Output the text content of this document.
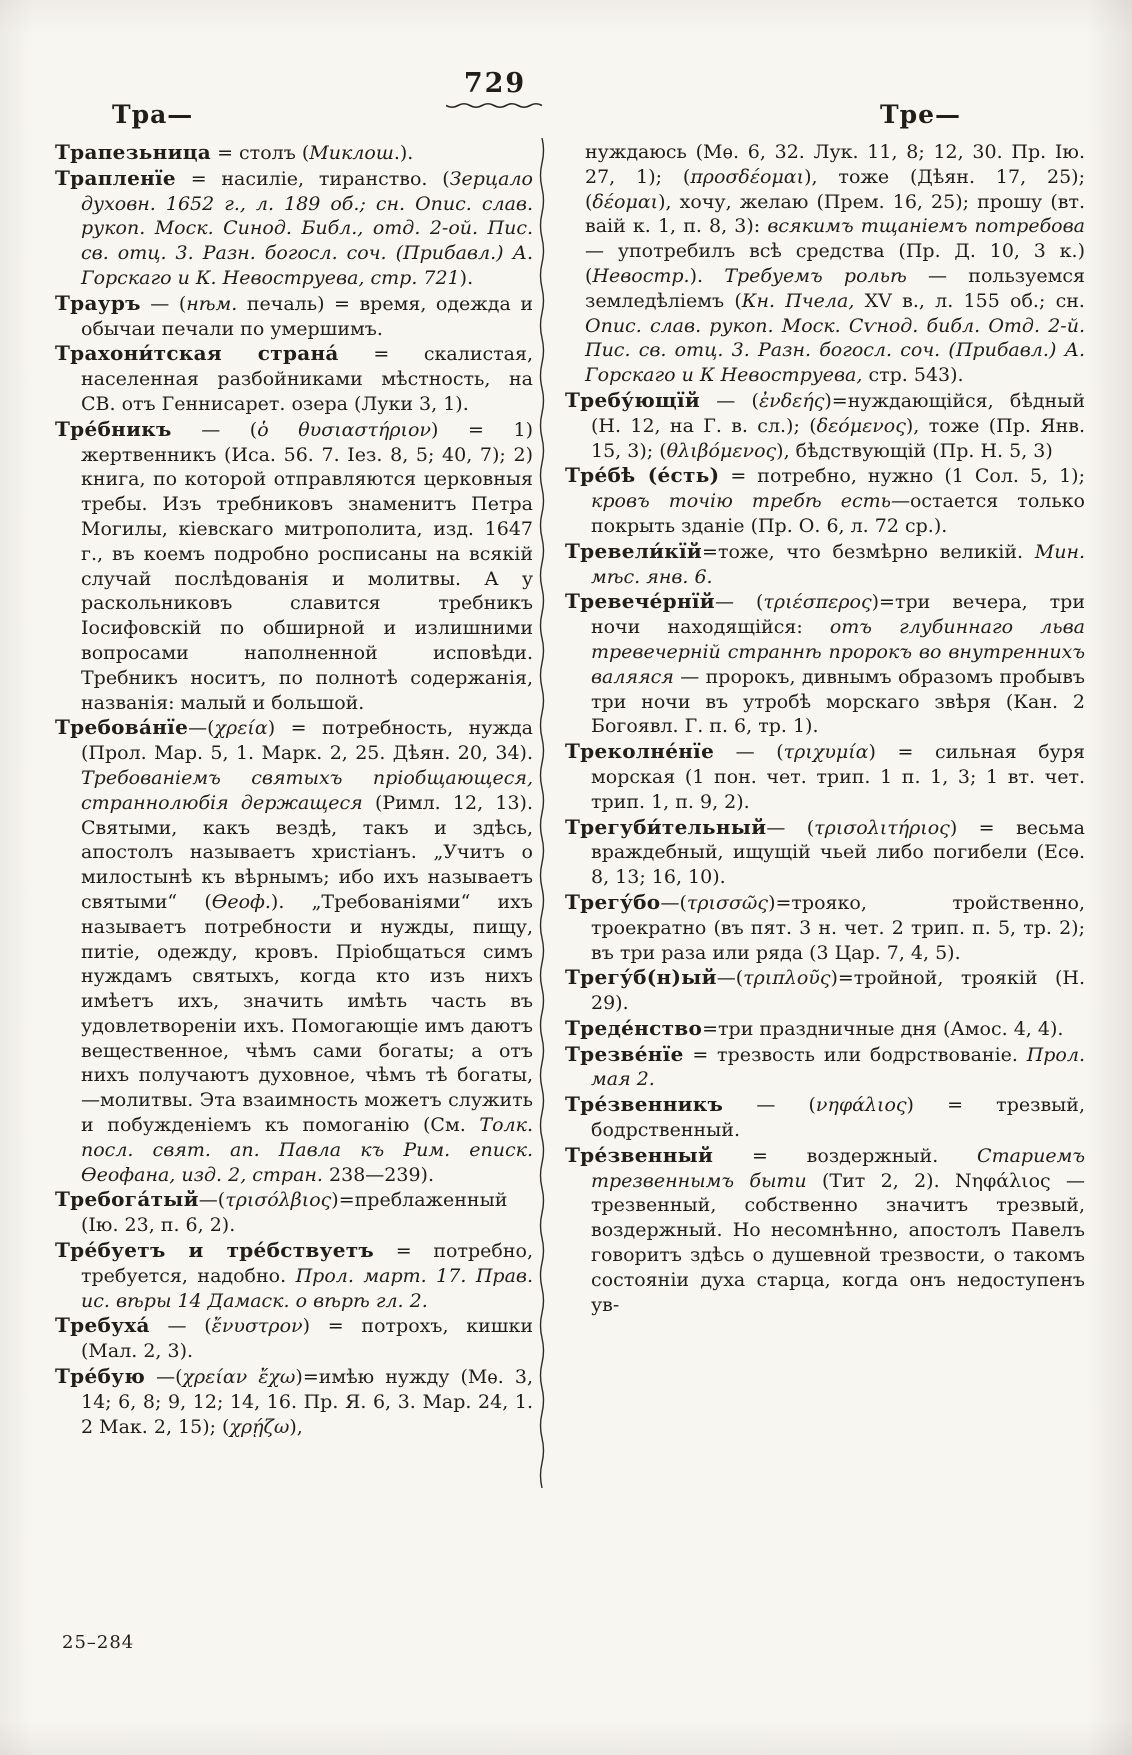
Тра—
729
Тре—

Трапезьница = столъ (Миклош.).

Трапленїе = насиліе, тиранство. (Зерцало духовн. 1652 г., л. 189 об.; сн. Опис. слав. рукоп. Моск. Синод. Библ., отд. 2-ой. Пис. св. отц. 3. Разн. богосл. соч. (Прибавл.) А. Горскаго и К. Невоструева, стр. 721).

Трауръ — (нѣм. печаль) = время, одежда и обычаи печали по умершимъ.

Трахони́тская страна́ = скалистая, населенная разбойниками мѣстность, на СВ. отъ Геннисарет. озера (Луки 3, 1).

Тре́бникъ — (ὁ θυσιαστήριον) = 1) жертвенникъ (Иса. 56. 7. Іез. 8, 5; 40, 7); 2) книга, по которой отправляются церковныя требы. Изъ требниковъ знаменитъ Петра Могилы, кіевскаго митрополита, изд. 1647 г., въ коемъ подробно росписаны на всякій случай послѣдованія и молитвы. А у раскольниковъ славится требникъ Іосифовскій по обширной и излишними вопросами наполненной исповѣди. Требникъ носитъ, по полнотѣ содержанія, названія: малый и большой.

Требова́нїе—(χρεία) = потребность, нужда (Прол. Мар. 5, 1. Марк. 2, 25. Дѣян. 20, 34). Требованіемъ святыхъ пріобщающеся, страннолюбія держащеся (Римл. 12, 13). Святыми, какъ вездѣ, такъ и здѣсь, апостолъ называетъ христіанъ. „Учитъ о милостынѣ къ вѣрнымъ; ибо ихъ называетъ святыми“ (Ѳеоф.). „Требованіями“ ихъ называетъ потребности и нужды, пищу, питіе, одежду, кровъ. Пріобщаться симъ нуждамъ святыхъ, когда кто изъ нихъ имѣетъ ихъ, значить имѣть часть въ удовлетвореніи ихъ. Помогающіе имъ даютъ вещественное, чѣмъ сами богаты; а отъ нихъ получаютъ духовное, чѣмъ тѣ богаты,—молитвы. Эта взаимность можетъ служить и побужденіемъ къ помоганію (См. Толк. посл. свят. ап. Павла къ Рим. еписк. Ѳеофана, изд. 2, стран. 238—239).

Требога́тый—(τρισόλβιος)=преблаженный (Ію. 23, п. 6, 2).

Тре́буетъ и тре́бствуетъ = потребно, требуется, надобно. Прол. март. 17. Прав. ис. вѣры 14 Дамаск. о вѣрѣ гл. 2.

Требуха́ — (ἔνυστρον) = потрохъ, кишки (Мал. 2, 3).

Тре́бую —(χρείαν ἔχω)=имѣю нужду (Мѳ. 3, 14; 6, 8; 9, 12; 14, 16. Пр. Я. 6, 3. Мар. 24, 1. 2 Мак. 2, 15); (χρῄζω),

нуждаюсь (Мѳ. 6, 32. Лук. 11, 8; 12, 30. Пр. Ію. 27, 1); (προσδέομαι), тоже (Дѣян. 17, 25); (δέομαι), хочу, желаю (Прем. 16, 25); прошу (вт. ваій к. 1, п. 8, 3): всякимъ тщаніемъ потребова — употребилъ всѣ средства (Пр. Д. 10, 3 к.) (Невостр.). Требуемъ рольѣ — пользуемся земледѣліемъ (Кн. Пчела, XV в., л. 155 об.; сн. Опис. слав. рукоп. Моск. Сѵнод. библ. Отд. 2-й. Пис. св. отц. 3. Разн. богосл. соч. (Прибавл.) А. Горскаго и К Невоструева, стр. 543).

Требу́ющїй — (ἐνδεής)=нуждающійся, бѣдный (Н. 12, на Г. в. сл.); (δεόμενος), тоже (Пр. Янв. 15, 3); (θλιβόμενος), бѣдствующій (Пр. Н. 5, 3)

Тре́бѣ (е́сть) = потребно, нужно (1 Сол. 5, 1); кровъ точію требѣ есть—остается только покрыть зданіе (Пр. О. 6, л. 72 ср.).

Тревели́кїй=тоже, что безмѣрно великій. Мин. мѣс. янв. 6.

Тревече́рнїй— (τριέσπερος)=три вечера, три ночи находящійся: отъ глубиннаго льва тревечерній страннѣ пророкъ во внутреннихъ валяяся — пророкъ, дивнымъ образомъ пробывъ три ночи въ утробѣ морскаго звѣря (Кан. 2 Богоявл. Г. п. 6, тр. 1).

Треколне́нїе — (τριχυμία) = сильная буря морская (1 пон. чет. трип. 1 п. 1, 3; 1 вт. чет. трип. 1, п. 9, 2).

Трегуби́тельный— (τρισολιτήριος) = весьма враждебный, ищущій чьей либо погибели (Есѳ. 8, 13; 16, 10).

Трегу́бо—(τρισσῶς)=трояко, тройственно, троекратно (въ пят. 3 н. чет. 2 трип. п. 5, тр. 2); въ три раза или ряда (3 Цар. 7, 4, 5).

Трегу́б(н)ый—(τριπλοῦς)=тройной, троякій (Н. 29).

Треде́нство=три праздничные дня (Амос. 4, 4).

Трезве́нїе = трезвость или бодрствованіе. Прол. мая 2.

Тре́звенникъ — (νηφάλιος) = трезвый, бодрственный.

Тре́звенный = воздержный. Стариемъ трезвеннымъ быти (Тит 2, 2). Νηφάλιος — трезвенный, собственно значитъ трезвый, воздержный. Но несомнѣнно, апостолъ Павелъ говоритъ здѣсь о душевной трезвости, о такомъ состояніи духа старца, когда онъ недоступенъ ув-

25–284
